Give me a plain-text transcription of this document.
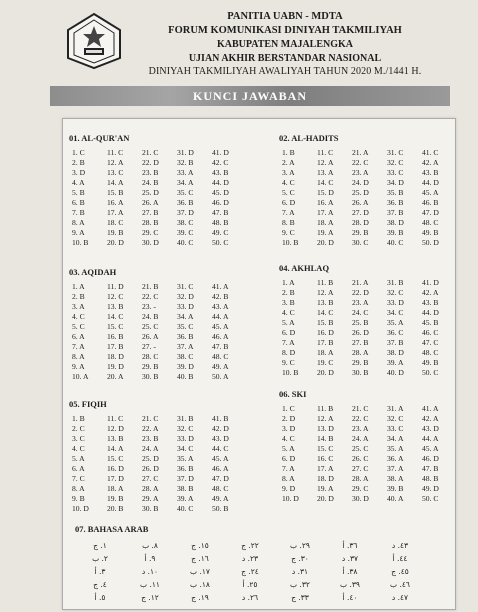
PANITIA UABN - MDTA
FORUM KOMUNIKASI DINIYAH TAKMILIYAH
KABUPATEN MAJALENGKA
UJIAN AKHIR BERSTANDAR NASIONAL
DINIYAH TAKMILIYAH AWALIYAH TAHUN 2020 M./1441 H.
KUNCI JAWABAN
01. AL-QUR'AN
1. C	11. C	21. C	31. D	41. D
2. B	12. A	22. D	32. B	42. C
3. D	13. C	23. B	33. A	43. B
4. A	14. A	24. B	34. A	44. D
5. B	15. B	25. D	35. C	45. D
6. B	16. A	26. A	36. B	46. D
7. B	17. A	27. B	37. D	47. B
8. A	18. C	28. B	38. C	48. B
9. A	19. B	29. C	39. C	49. C
10. B	20. D	30. D	40. C	50. C
02. AL-HADITS
1. B	11. C	21. A	31. C	41. C
2. A	12. A	22. C	32. C	42. A
3. A	13. A	23. A	33. C	43. B
4. C	14. C	24. D	34. D	44. D
5. C	15. D	25. D	35. B	45. A
6. D	16. A	26. A	36. B	46. B
7. A	17. A	27. D	37. B	47. D
8. B	18. A	28. D	38. D	48. C
9. C	19. A	29. B	39. B	49. B
10. B	20. D	30. C	40. C	50. D
03. AQIDAH
1. A	11. D	21. B	31. C	41. A
2. B	12. C	22. C	32. D	42. B
3. A	13. B	23. -	33. D	43. A
4. C	14. C	24. B	34. A	44. A
5. C	15. C	25. C	35. C	45. A
6. A	16. B	26. A	36. B	46. A
7. A	17. B	27. -	37. A	47. B
8. A	18. D	28. C	38. C	48. C
9. A	19. D	29. B	39. D	49. A
10. A	20. A	30. B	40. B	50. A
04. AKHLAQ
1. A	11. B	21. A	31. B	41. D
2. B	12. A	22. D	32. C	42. A
3. B	13. B	23. A	33. D	43. B
4. C	14. C	24. C	34. C	44. D
5. A	15. B	25. B	35. A	45. B
6. D	16. D	26. D	36. C	46. C
7. A	17. B	27. B	37. B	47. C
8. D	18. A	28. A	38. D	48. C
9. C	19. C	29. B	39. A	49. B
10. B	20. D	30. B	40. D	50. C
05. FIQIH
1. B	11. C	21. C	31. B	41. B
2. C	12. D	22. A	32. C	42. D
3. C	13. B	23. B	33. D	43. D
4. C	14. A	24. A	34. C	44. C
5. A	15. C	25. D	35. A	45. A
6. A	16. D	26. D	36. B	46. A
7. C	17. D	27. C	37. D	47. D
8. A	18. A	28. A	38. B	48. C
9. B	19. B	29. A	39. A	49. A
10. D	20. B	30. B	40. C	50. B
06. SKI
1. C	11. B	21. C	31. A	41. A
2. D	12. A	22. C	32. C	42. A
3. D	13. D	23. A	33. C	43. D
4. C	14. B	24. A	34. A	44. A
5. A	15. C	25. C	35. A	45. A
6. D	16. C	26. C	36. A	46. D
7. A	17. A	27. C	37. A	47. B
8. A	18. D	28. A	38. A	48. B
9. D	19. A	29. C	39. B	49. D
10. D	20. D	30. D	40. A	50. C
07. BAHASA ARAB
١. ج	٨. ب	١٥. ج	٢٢. ج	٢٩. ب	٣٦. أ	٤٣. د
٢. ب	٩. أ	١٦. ج	٢٣. د	٣٠. ج	٣٧. د	٤٤. أ
٣. أ	١٠. د	١٧. ب	٢٤. ج	٣١. د	٣٨. أ	٤٥. ج
٤. ج	١١. ب	١٨. ب	٢٥. أ	٣٢. ب	٣٩. ب	٤٦. ب
٥. أ	١٢. ج	١٩. ج	٢٦. د	٣٣. ج	٤٠. أ	٤٧. د
